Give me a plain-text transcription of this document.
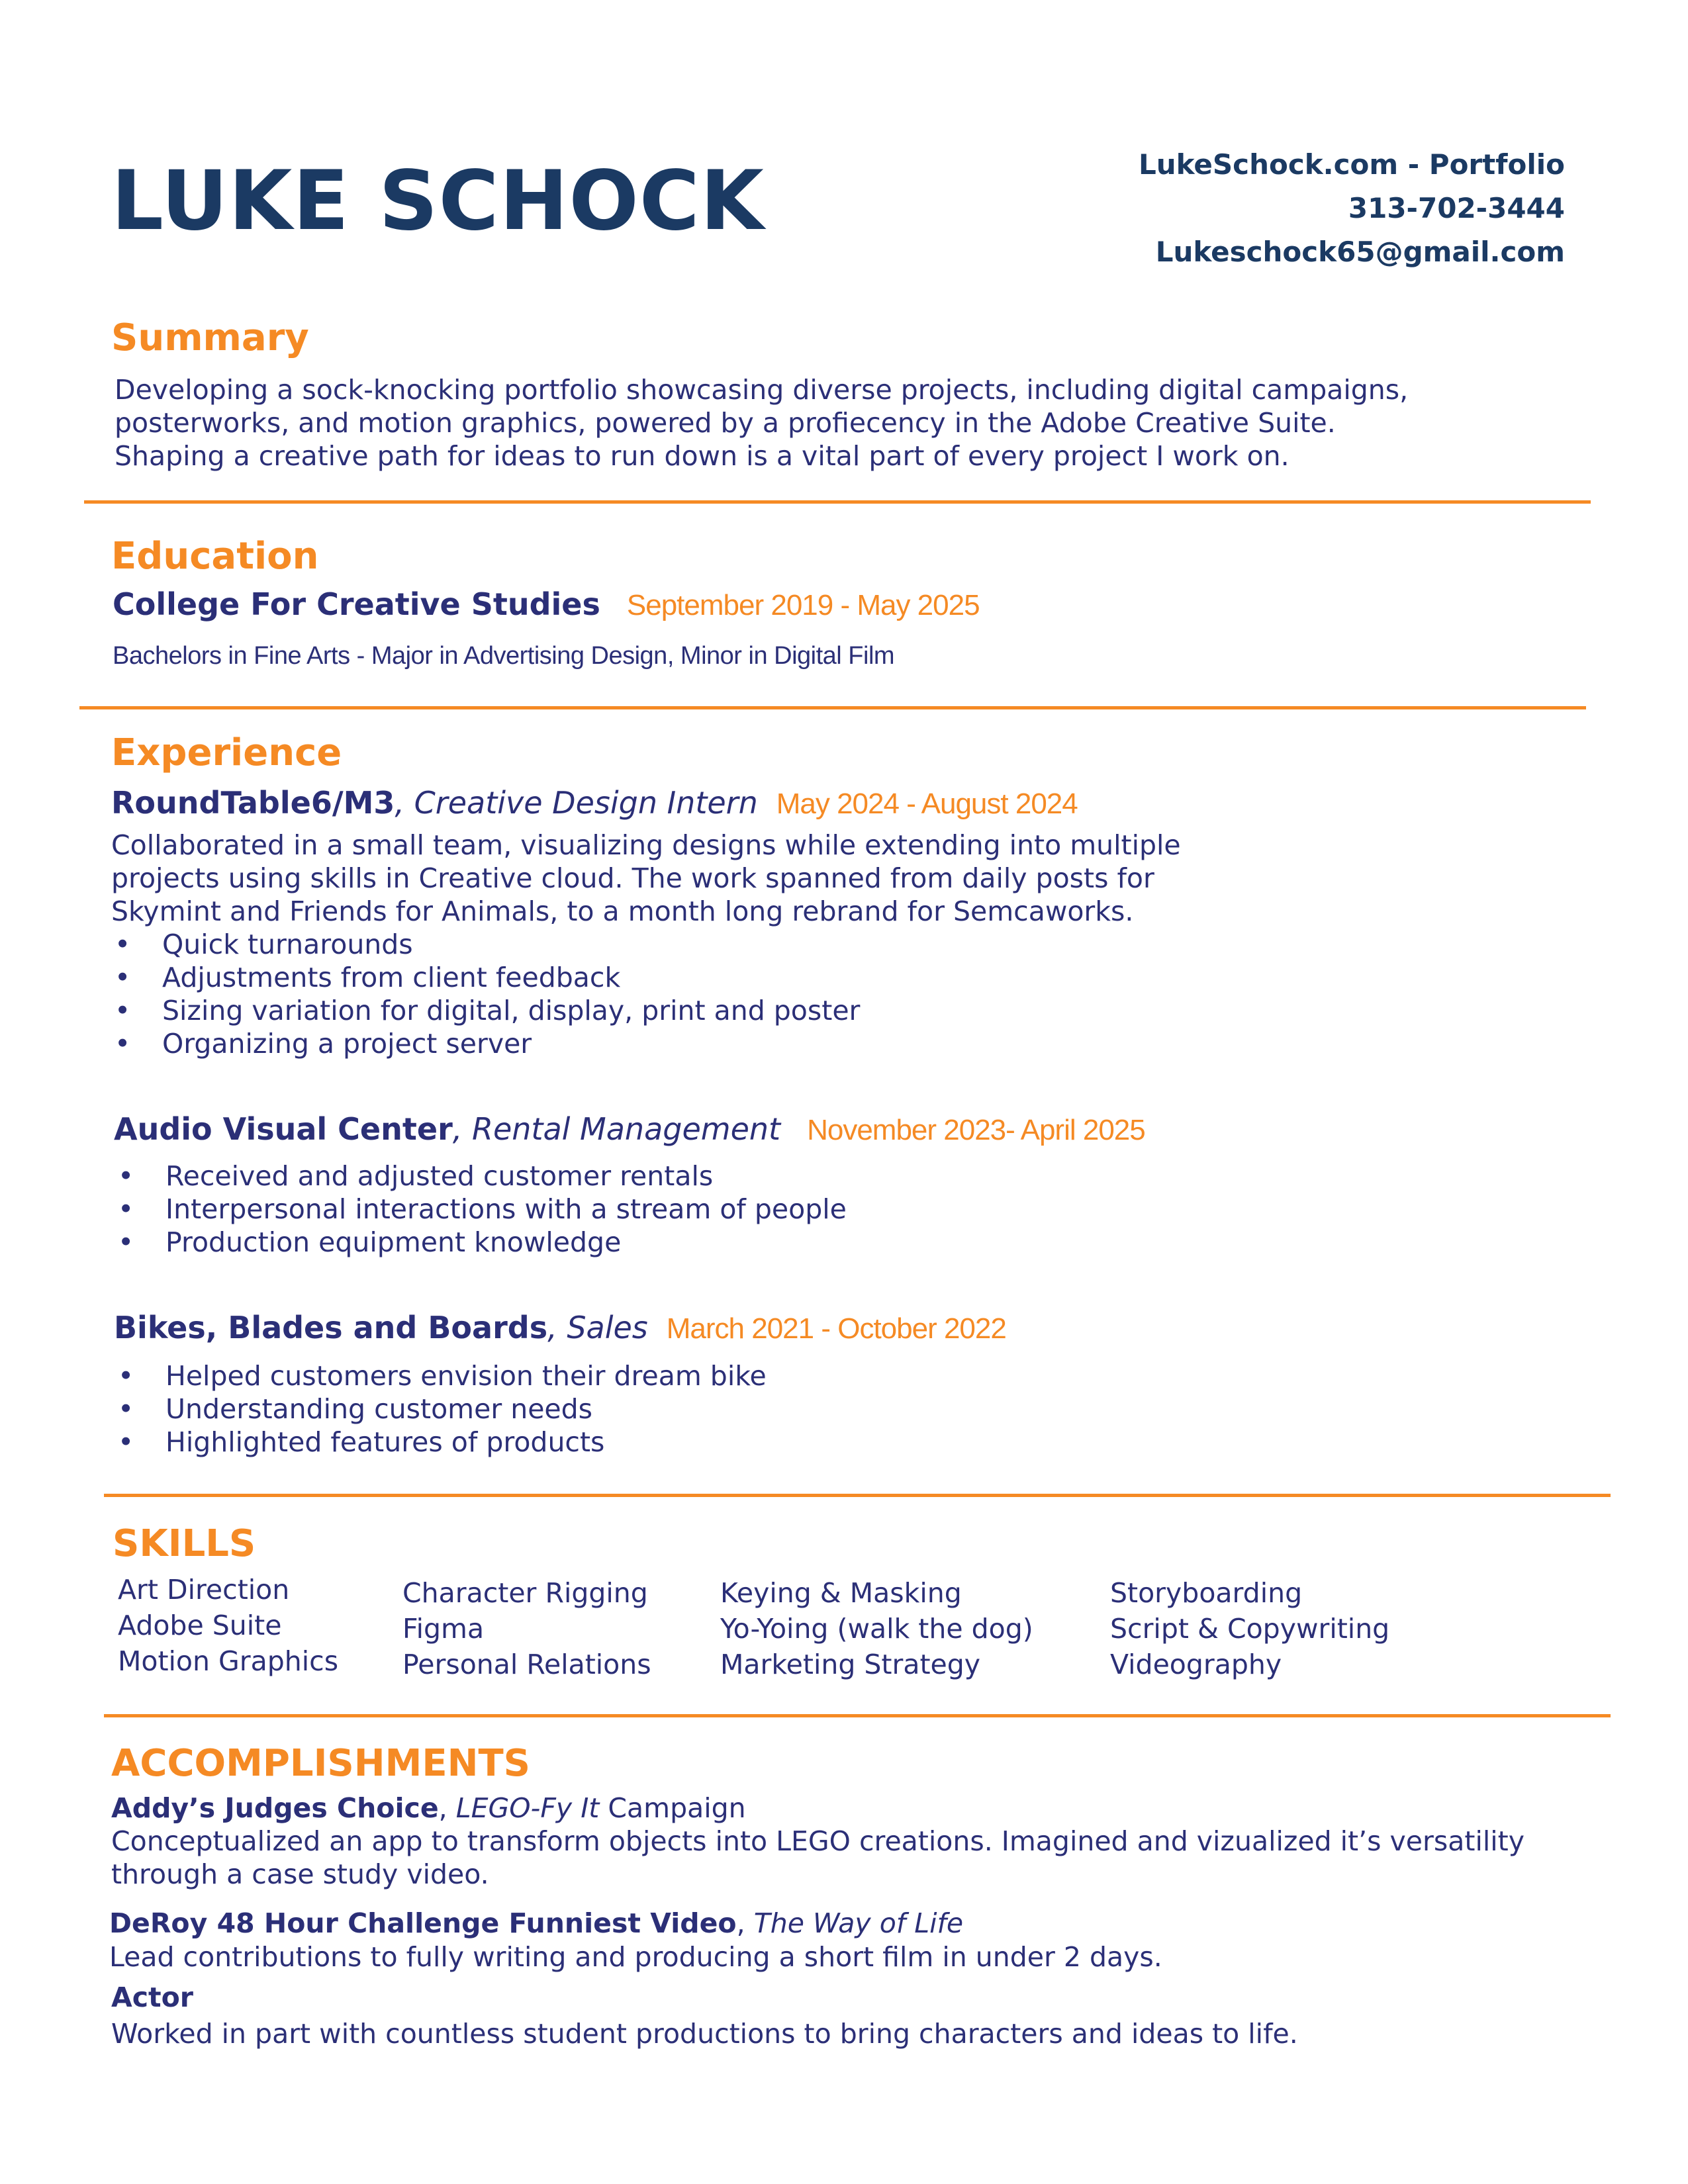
LUKE SCHOCK	LukeSchock.com - Portfolio
313-702-3444
Lukeschock65@gmail.com
Summary
Developing a sock-knocking portfolio showcasing diverse projects, including digital campaigns,
posterworks, and motion graphics, powered by a profiecency in the Adobe Creative Suite.
Shaping a creative path for ideas to run down is a vital part of every project I work on.
Education
College For Creative Studies September 2019 - May 2025
Bachelors in Fine Arts - Major in Advertising Design, Minor in Digital Film
Experience
RoundTable6/M3, Creative Design Intern May 2024 - August 2024
Collaborated in a small team, visualizing designs while extending into multiple
projects using skills in Creative cloud. The work spanned from daily posts for
Skymint and Friends for Animals, to a month long rebrand for Semcaworks.
• Quick turnarounds
• Adjustments from client feedback
• Sizing variation for digital, display, print and poster
• Organizing a project server
Audio Visual Center, Rental Management November 2023- April 2025
• Received and adjusted customer rentals
• Interpersonal interactions with a stream of people
• Production equipment knowledge
Bikes, Blades and Boards, Sales March 2021 - October 2022
• Helped customers envision their dream bike
• Understanding customer needs
• Highlighted features of products
SKILLS
Art Direction
Adobe Suite
Motion Graphics
Character Rigging
Figma
Personal Relations
Keying & Masking
Yo-Yoing (walk the dog)
Marketing Strategy
Storyboarding
Script & Copywriting
Videography
ACCOMPLISHMENTS
Addy’s Judges Choice, LEGO-Fy It Campaign
Conceptualized an app to transform objects into LEGO creations. Imagined and vizualized it’s versatility
through a case study video.
DeRoy 48 Hour Challenge Funniest Video, The Way of Life
Lead contributions to fully writing and producing a short film in under 2 days.
Actor
Worked in part with countless student productions to bring characters and ideas to life.
